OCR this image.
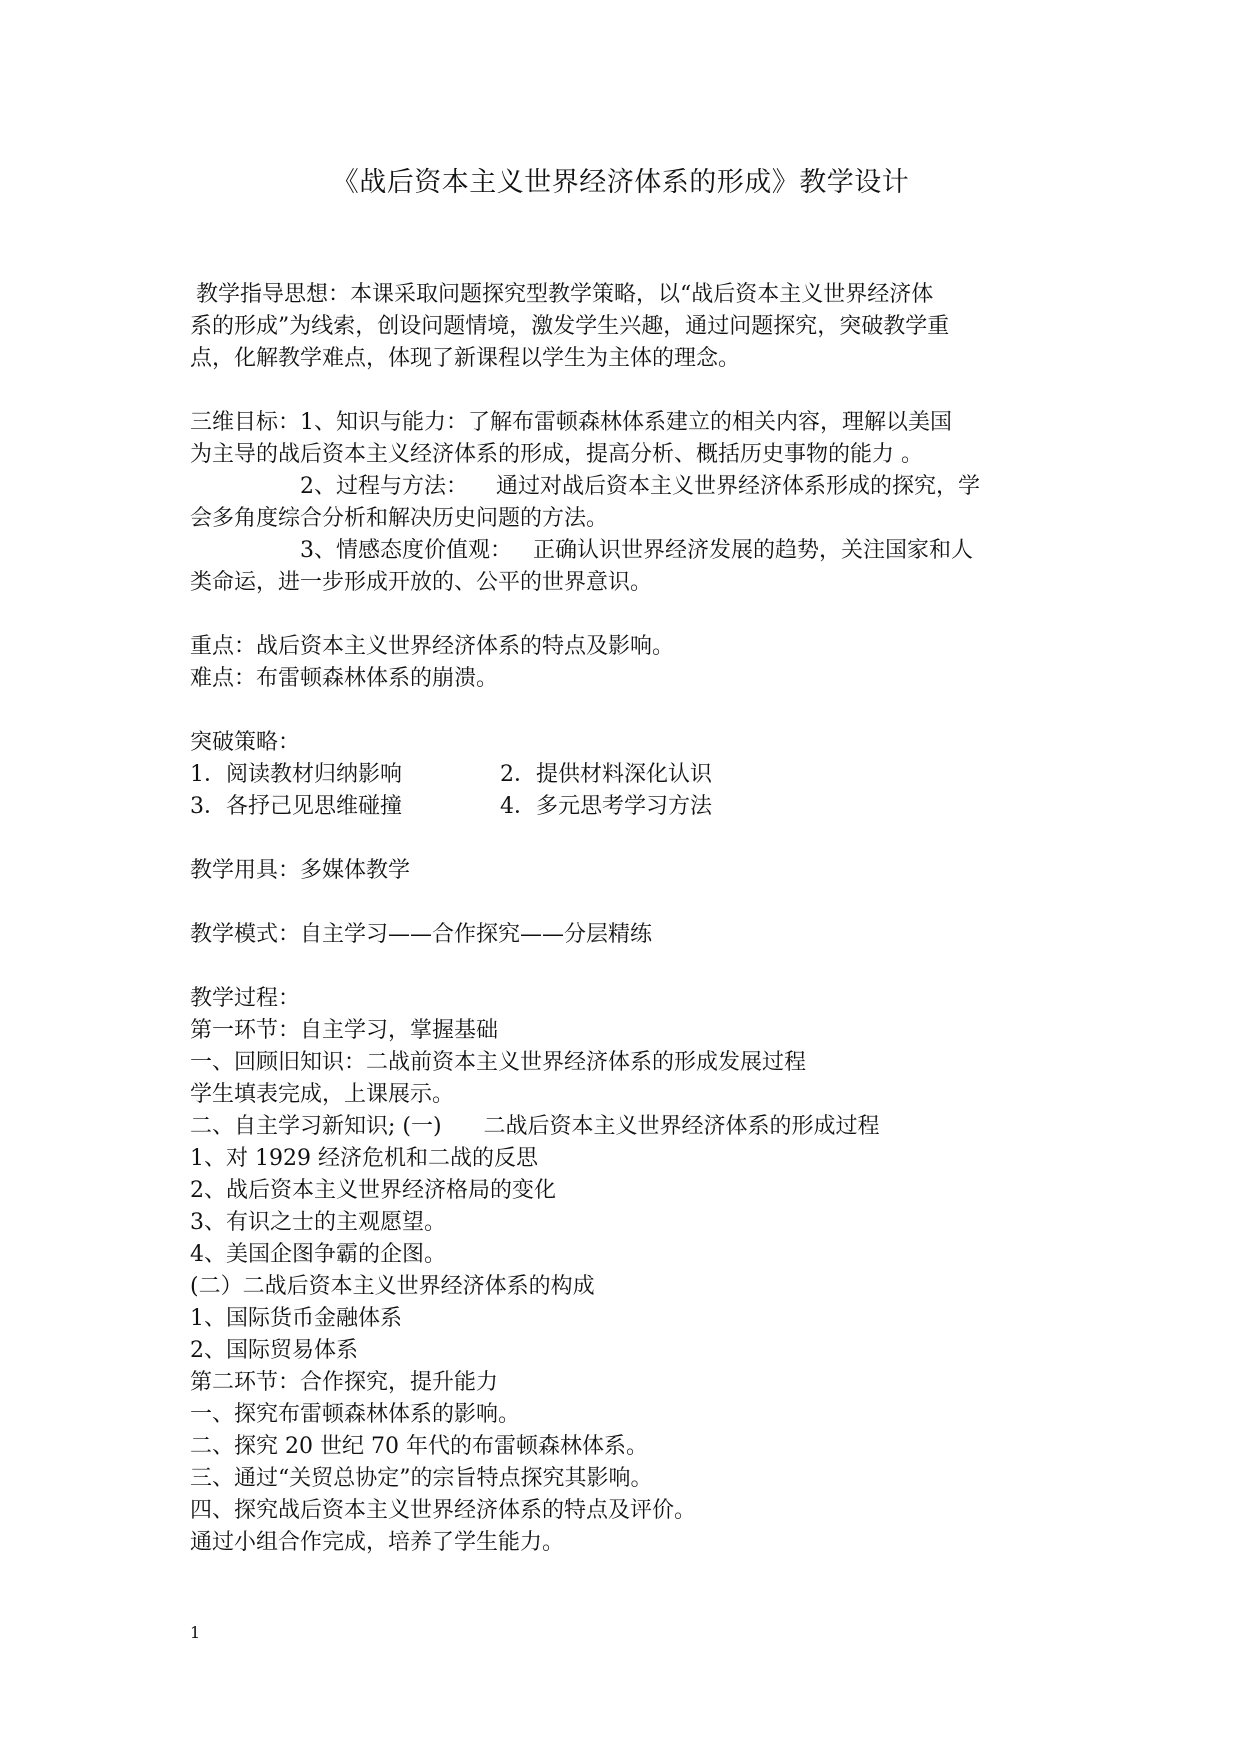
《战后资本主义世界经济体系的形成》教学设计

教学指导思想：本课采取问题探究型教学策略，以“战后资本主义世界经济体

系的形成”为线索，创设问题情境，激发学生兴趣，通过问题探究，突破教学重

点，化解教学难点，体现了新课程以学生为主体的理念。

三维目标：1、知识与能力：了解布雷顿森林体系建立的相关内容，理解以美国

为主导的战后资本主义经济体系的形成，提高分析、概括历史事物的能力 。

2、过程与方法：    通过对战后资本主义世界经济体系形成的探究，学

会多角度综合分析和解决历史问题的方法。

3、情感态度价值观：   正确认识世界经济发展的趋势，关注国家和人

类命运，进一步形成开放的、公平的世界意识。

重点：战后资本主义世界经济体系的特点及影响。

难点：布雷顿森林体系的崩溃。

突破策略：

1．阅读教材归纳影响	2．提供材料深化认识
3．各抒己见思维碰撞	4．多元思考学习方法

教学用具：多媒体教学

教学模式：自主学习——合作探究——分层精练

教学过程：

第一环节：自主学习，掌握基础

一、回顾旧知识：二战前资本主义世界经济体系的形成发展过程

学生填表完成，上课展示。

二、自主学习新知识; (一)      二战后资本主义世界经济体系的形成过程

1、对 1929 经济危机和二战的反思

2、战后资本主义世界经济格局的变化

3、有识之士的主观愿望。

4、美国企图争霸的企图。

(二）二战后资本主义世界经济体系的构成

1、国际货币金融体系

2、国际贸易体系

第二环节：合作探究，提升能力

一、探究布雷顿森林体系的影响。

二、探究 20 世纪 70 年代的布雷顿森林体系。

三、通过“关贸总协定”的宗旨特点探究其影响。

四、探究战后资本主义世界经济体系的特点及评价。

通过小组合作完成，培养了学生能力。

1
